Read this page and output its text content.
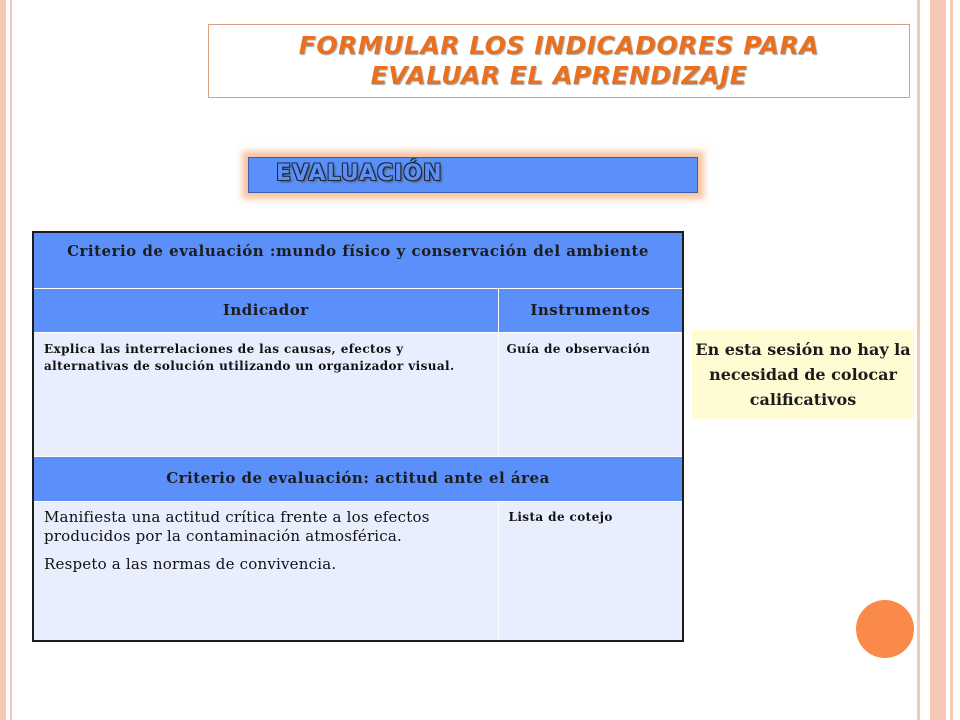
FORMULAR LOS INDICADORES PARA
EVALUAR EL APRENDIZAJE
EVALUACIÓN
Criterio de evaluación :mundo físico y conservación del ambiente	
Indicador	Instrumentos
Explica las interrelaciones de las causas, efectos y alternativas de solución utilizando un organizador visual.	Guía de observación
Criterio de evaluación: actitud ante el área	

Manifiesta una actitud crítica frente a los efectos producidos por la contaminación atmosférica.
Respeto a las normas de convivencia.	Lista de cotejo
En esta sesión no hay la necesidad de colocar calificativos
